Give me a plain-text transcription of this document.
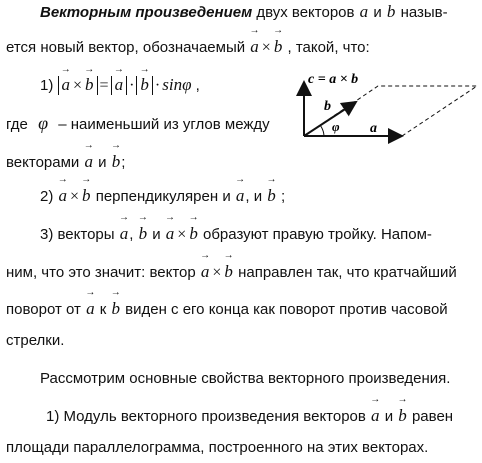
Векторным произведением двух векторов → a и → b назыв-
ется новый вектор, обозначаемый → a × → b , такой, что:
1) → a × → b = → a · → b · sinφ ,
где φ – наименьший из углов между
векторами → a и → b;
c = a × b
b
a
φ
2) → a × → b перпендикулярен и → a, и → b ;
3) векторы → a, → b и → a × → b образуют правую тройку. Напом-
ним, что это значит: вектор → a × → b направлен так, что кратчайший
поворот от → a к → b виден с его конца как поворот против часовой
стрелки.
Рассмотрим основные свойства векторного произведения.
1) Модуль векторного произведения векторов → a и → b равен
площади параллелограмма, построенного на этих векторах.
